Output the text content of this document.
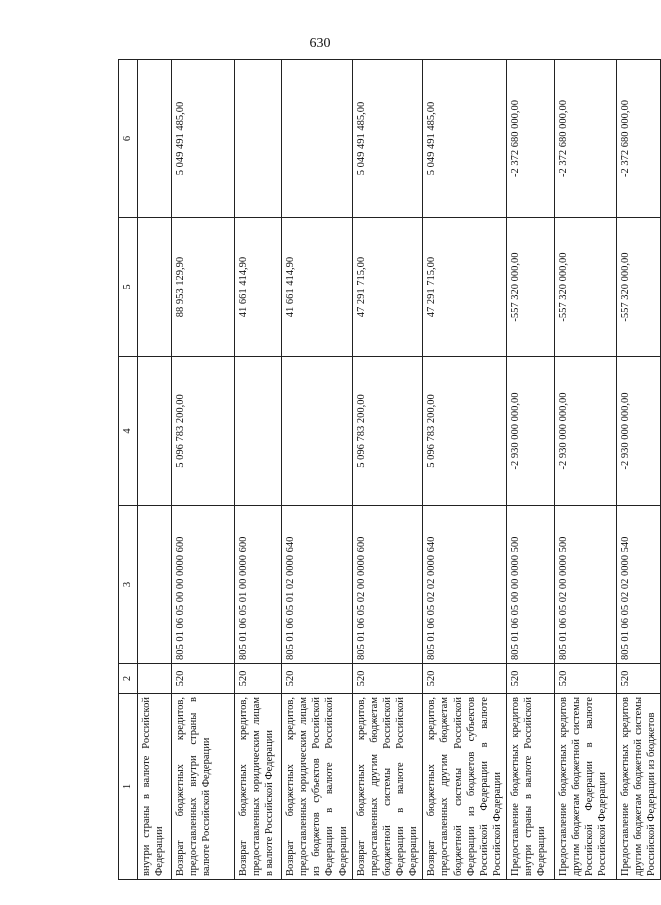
630
1	2	3	4	5	6
внутри страны в валюте Российской Федерации					
Возврат бюджетных кредитов, предоставленных внутри страны в валюте Российской Федерации	520	805 01 06 05 00 00 0000 600	5 096 783 200,00	88 953 129,90	5 049 491 485,00
Возврат бюджетных кредитов, предоставленных юридическим лицам в валюте Российской Федерации	520	805 01 06 05 01 00 0000 600		41 661 414,90	
Возврат бюджетных кредитов, предоставленных юридическим лицам из бюджетов субъектов Российской Федерации в валюте Российской Федерации	520	805 01 06 05 01 02 0000 640		41 661 414,90	
Возврат бюджетных кредитов, предоставленных другим бюджетам бюджетной системы Российской Федерации в валюте Российской Федерации	520	805 01 06 05 02 00 0000 600	5 096 783 200,00	47 291 715,00	5 049 491 485,00
Возврат бюджетных кредитов, предоставленных другим бюджетам бюджетной системы Российской Федерации из бюджетов субъектов Российской Федерации в валюте Российской Федерации	520	805 01 06 05 02 02 0000 640	5 096 783 200,00	47 291 715,00	5 049 491 485,00
Предоставление бюджетных кредитов внутри страны в валюте Российской Федерации	520	805 01 06 05 00 00 0000 500	-2 930 000 000,00	-557 320 000,00	-2 372 680 000,00
Предоставление бюджетных кредитов другим бюджетам бюджетной системы Российской Федерации в валюте Российской Федерации	520	805 01 06 05 02 00 0000 500	-2 930 000 000,00	-557 320 000,00	-2 372 680 000,00
Предоставление бюджетных кредитов другим бюджетам бюджетной системы Российской Федерации из бюджетов	520	805 01 06 05 02 02 0000 540	-2 930 000 000,00	-557 320 000,00	-2 372 680 000,00
